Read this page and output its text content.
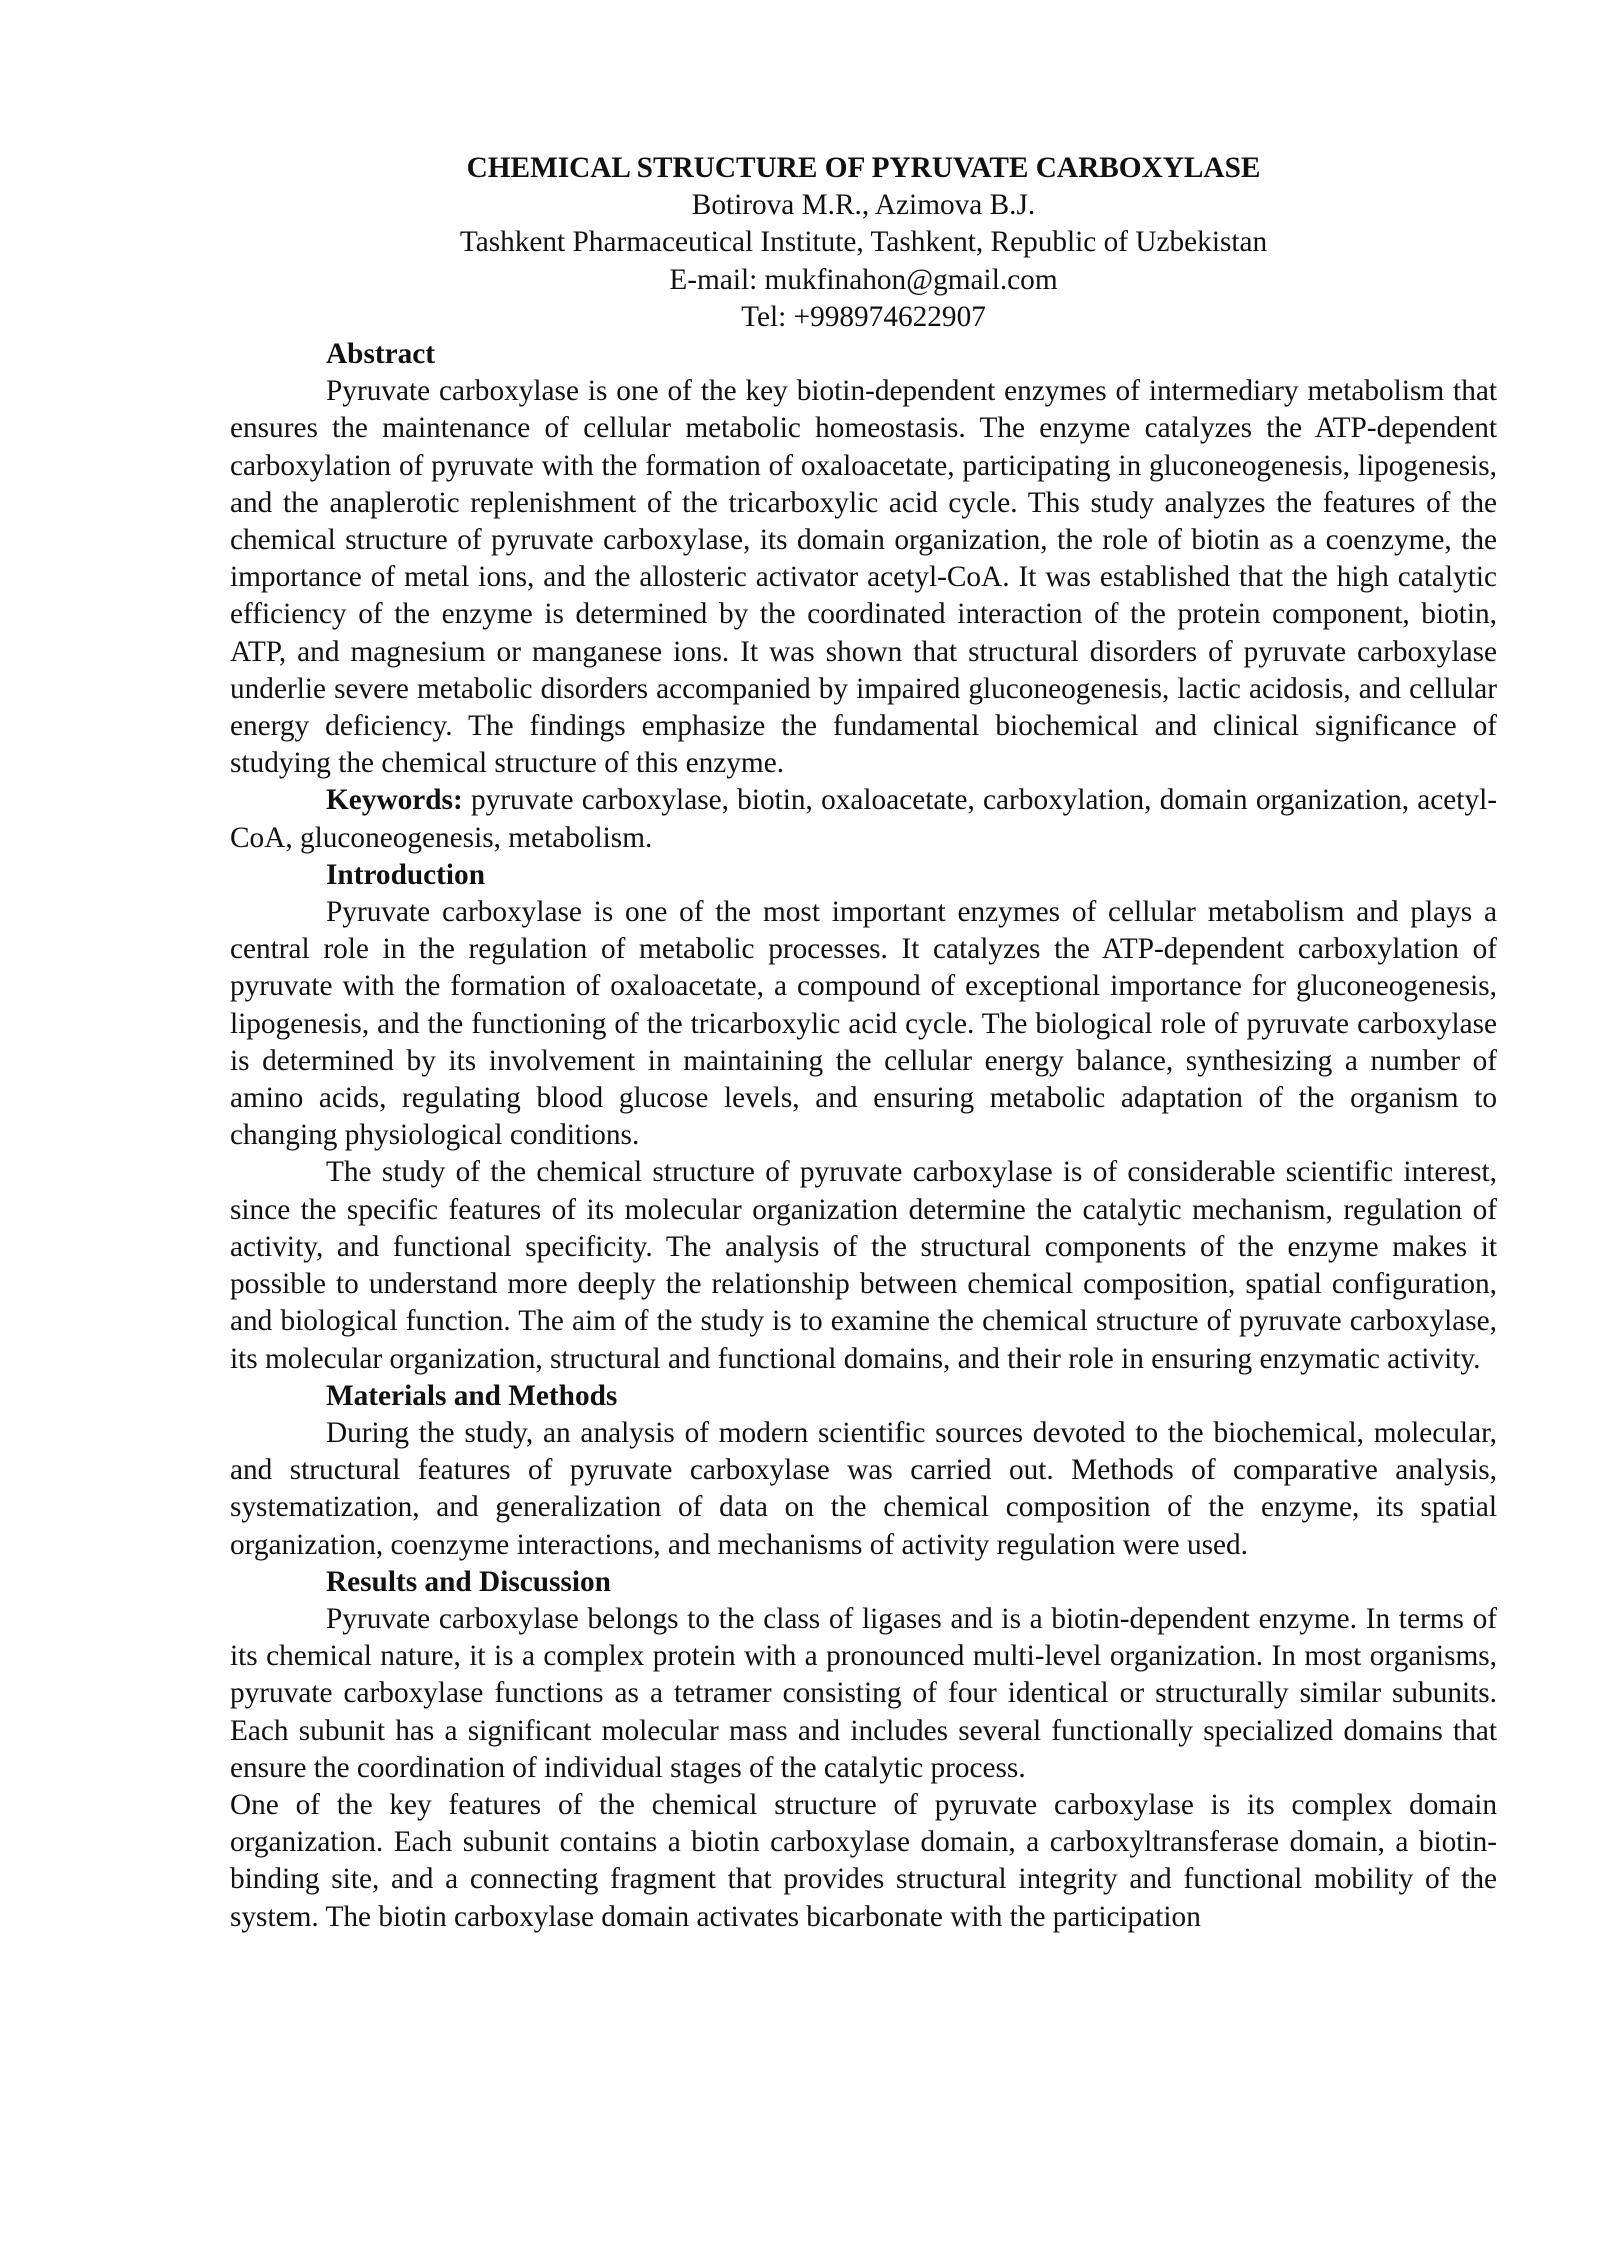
CHEMICAL STRUCTURE OF PYRUVATE CARBOXYLASE

Botirova M.R., Azimova B.J.

Tashkent Pharmaceutical Institute, Tashkent, Republic of Uzbekistan

E-mail: mukfinahon@gmail.com

Tel: +998974622907

Abstract

Pyruvate carboxylase is one of the key biotin-dependent enzymes of intermediary metabolism that ensures the maintenance of cellular metabolic homeostasis. The enzyme catalyzes the ATP-dependent carboxylation of pyruvate with the formation of oxaloacetate, participating in gluconeogenesis, lipogenesis, and the anaplerotic replenishment of the tricarboxylic acid cycle. This study analyzes the features of the chemical structure of pyruvate carboxylase, its domain organization, the role of biotin as a coenzyme, the importance of metal ions, and the allosteric activator acetyl-CoA. It was established that the high catalytic efficiency of the enzyme is determined by the coordinated interaction of the protein component, biotin, ATP, and magnesium or manganese ions. It was shown that structural disorders of pyruvate carboxylase underlie severe metabolic disorders accompanied by impaired gluconeogenesis, lactic acidosis, and cellular energy deficiency. The findings emphasize the fundamental biochemical and clinical significance of studying the chemical structure of this enzyme.

Keywords: pyruvate carboxylase, biotin, oxaloacetate, carboxylation, domain organization, acetyl-CoA, gluconeogenesis, metabolism.

Introduction

Pyruvate carboxylase is one of the most important enzymes of cellular metabolism and plays a central role in the regulation of metabolic processes. It catalyzes the ATP-dependent carboxylation of pyruvate with the formation of oxaloacetate, a compound of exceptional importance for gluconeogenesis, lipogenesis, and the functioning of the tricarboxylic acid cycle. The biological role of pyruvate carboxylase is determined by its involvement in maintaining the cellular energy balance, synthesizing a number of amino acids, regulating blood glucose levels, and ensuring metabolic adaptation of the organism to changing physiological conditions.

The study of the chemical structure of pyruvate carboxylase is of considerable scientific interest, since the specific features of its molecular organization determine the catalytic mechanism, regulation of activity, and functional specificity. The analysis of the structural components of the enzyme makes it possible to understand more deeply the relationship between chemical composition, spatial configuration, and biological function. The aim of the study is to examine the chemical structure of pyruvate carboxylase, its molecular organization, structural and functional domains, and their role in ensuring enzymatic activity.

Materials and Methods

During the study, an analysis of modern scientific sources devoted to the biochemical, molecular, and structural features of pyruvate carboxylase was carried out. Methods of comparative analysis, systematization, and generalization of data on the chemical composition of the enzyme, its spatial organization, coenzyme interactions, and mechanisms of activity regulation were used.

Results and Discussion

Pyruvate carboxylase belongs to the class of ligases and is a biotin-dependent enzyme. In terms of its chemical nature, it is a complex protein with a pronounced multi-level organization. In most organisms, pyruvate carboxylase functions as a tetramer consisting of four identical or structurally similar subunits. Each subunit has a significant molecular mass and includes several functionally specialized domains that ensure the coordination of individual stages of the catalytic process.

One of the key features of the chemical structure of pyruvate carboxylase is its complex domain organization. Each subunit contains a biotin carboxylase domain, a carboxyltransferase domain, a biotin-binding site, and a connecting fragment that provides structural integrity and functional mobility of the system. The biotin carboxylase domain activates bicarbonate with the participation
